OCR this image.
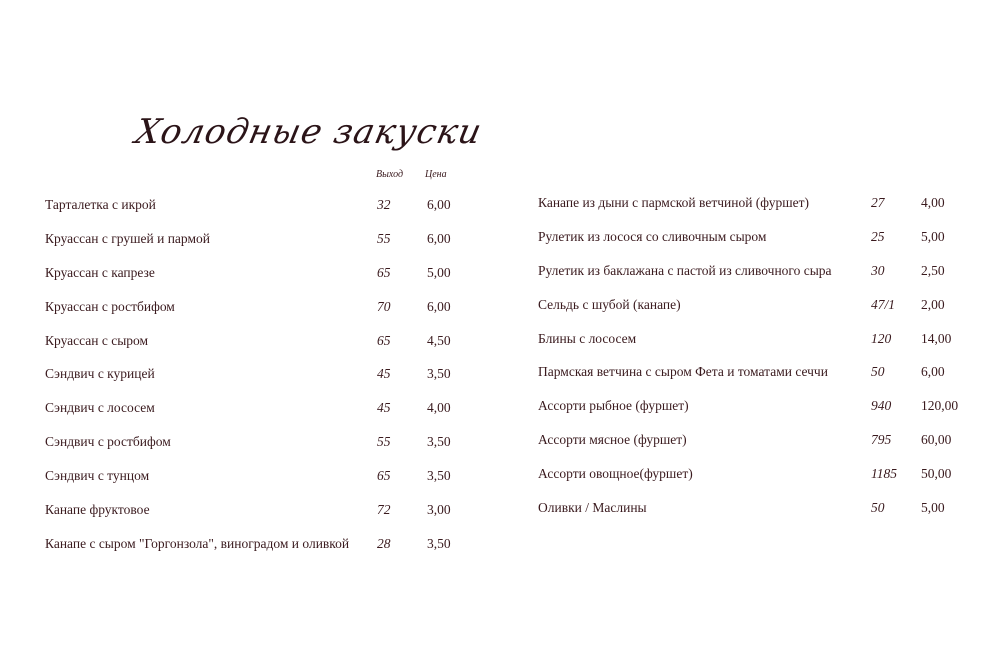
Холодные закуски
Выход Цена
Тарталетка с икрой	32	6,00
Круассан с грушей и пармой	55	6,00
Круассан с капрезе	65	5,00
Круассан с ростбифом	70	6,00
Круассан с сыром	65	4,50
Сэндвич с курицей	45	3,50
Сэндвич с лососем	45	4,00
Сэндвич с ростбифом	55	3,50
Сэндвич с тунцом	65	3,50
Канапе фруктовое	72	3,00
Канапе с сыром "Горгонзола", виноградом и оливкой 28	3,50
Канапе из дыни с пармской ветчиной (фуршет)	27	4,00
Рулетик из лосося со сливочным сыром	25	5,00
Рулетик из баклажана с пастой из сливочного сыра	30	2,50
Сельдь с шубой (канапе)	47/1 2,00
Блины с лососем	120 14,00
Пармская ветчина с сыром Фета и томатами сеччи	50	6,00
Ассорти рыбное (фуршет)	940 120,00
Ассорти мясное (фуршет)	795 60,00
Ассорти овощное(фуршет)	1185 50,00
Оливки / Маслины	50	5,00
